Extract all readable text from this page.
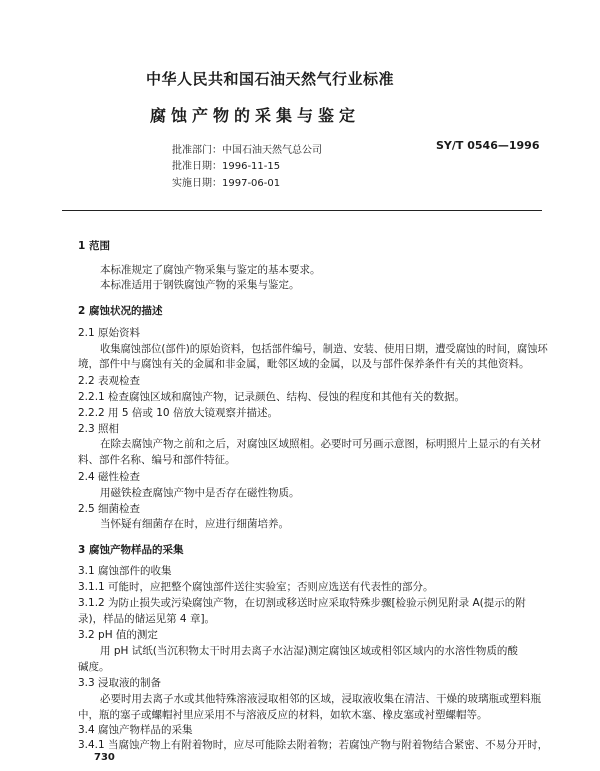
中华人民共和国石油天然气行业标准
腐蚀产物的采集与鉴定
SY/T 0546—1996
批准部门：中国石油天然气总公司
批准日期：1996-11-15
实施日期：1997-06-01
1 范围
本标准规定了腐蚀产物采集与鉴定的基本要求。
本标准适用于钢铁腐蚀产物的采集与鉴定。
2 腐蚀状况的描述
2.1 原始资料
收集腐蚀部位(部件)的原始资料，包括部件编号，制造、安装、使用日期，遭受腐蚀的时间，腐蚀环
境，部件中与腐蚀有关的金属和非金属，毗邻区域的金属，以及与部件保养条件有关的其他资料。
2.2 表观检查
2.2.1 检查腐蚀区域和腐蚀产物，记录颜色、结构、侵蚀的程度和其他有关的数据。
2.2.2 用 5 倍或 10 倍放大镜观察并描述。
2.3 照相
在除去腐蚀产物之前和之后，对腐蚀区域照相。必要时可另画示意图，标明照片上显示的有关材
料、部件名称、编号和部件特征。
2.4 磁性检查
用磁铁检查腐蚀产物中是否存在磁性物质。
2.5 细菌检查
当怀疑有细菌存在时，应进行细菌培养。
3 腐蚀产物样品的采集
3.1 腐蚀部件的收集
3.1.1 可能时，应把整个腐蚀部件送往实验室；否则应选送有代表性的部分。
3.1.2 为防止损失或污染腐蚀产物，在切割或移送时应采取特殊步骤[检验示例见附录 A(提示的附
录)，样品的储运见第 4 章]。
3.2 pH 值的测定
用 pH 试纸(当沉积物太干时用去离子水沾湿)测定腐蚀区域或相邻区域内的水溶性物质的酸
碱度。
3.3 浸取液的制备
必要时用去离子水或其他特殊溶液浸取相邻的区域，浸取液收集在清洁、干燥的玻璃瓶或塑料瓶
中，瓶的塞子或螺帽衬里应采用不与溶液反应的材料，如软木塞、橡皮塞或衬塑螺帽等。
3.4 腐蚀产物样品的采集
3.4.1 当腐蚀产物上有附着物时，应尽可能除去附着物；若腐蚀产物与附着物结合紧密、不易分开时，
730
